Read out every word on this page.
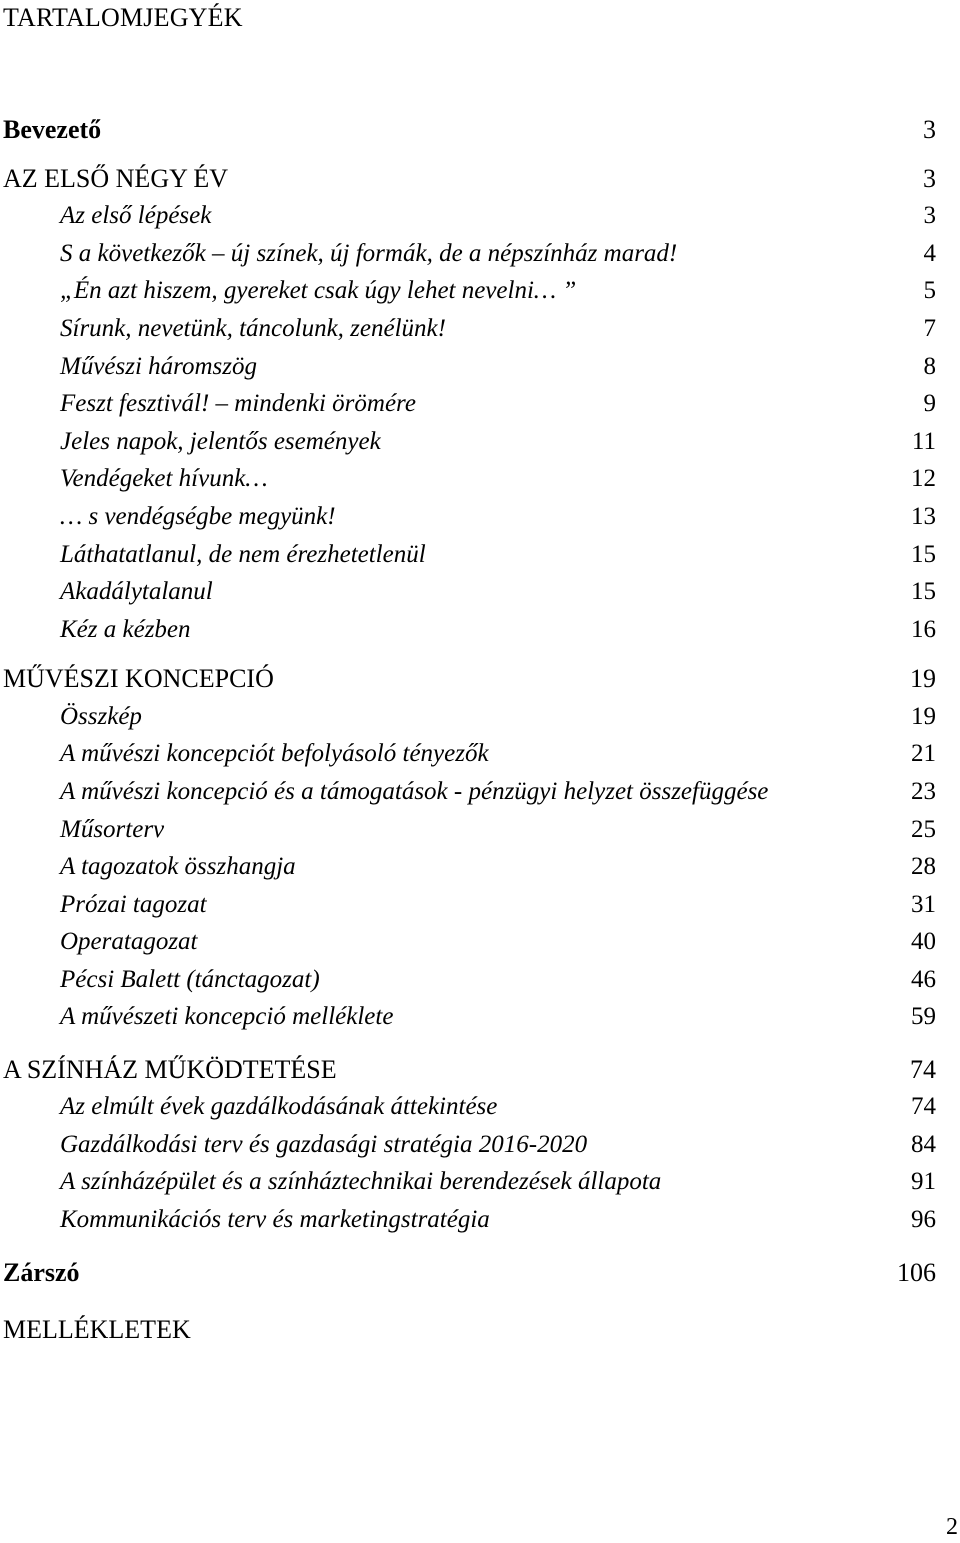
TARTALOMJEGYÉK
Bevezető	3
AZ ELSŐ NÉGY ÉV	3
Az első lépések	3
S a következők – új színek, új formák, de a népszínház marad!	4
„Én azt hiszem, gyereket csak úgy lehet nevelni… ”	5
Sírunk, nevetünk, táncolunk, zenélünk!	7
Művészi háromszög	8
Feszt fesztivál! – mindenki örömére	9
Jeles napok, jelentős események	11
Vendégeket hívunk…	12
… s vendégségbe megyünk!	13
Láthatatlanul, de nem érezhetetlenül	15
Akadálytalanul	15
Kéz a kézben	16
MŰVÉSZI KONCEPCIÓ	19
Összkép	19
A művészi koncepciót befolyásoló tényezők	21
A művészi koncepció és a támogatások - pénzügyi helyzet összefüggése	23
Műsorterv	25
A tagozatok összhangja	28
Prózai tagozat	31
Operatagozat	40
Pécsi Balett (tánctagozat)	46
A művészeti koncepció melléklete	59
A SZÍNHÁZ MŰKÖDTETÉSE	74
Az elmúlt évek gazdálkodásának áttekintése	74
Gazdálkodási terv és gazdasági stratégia 2016-2020	84
A színházépület és a színháztechnikai berendezések állapota	91
Kommunikációs terv és marketingstratégia	96
Zárszó	106
MELLÉKLETEK
2
